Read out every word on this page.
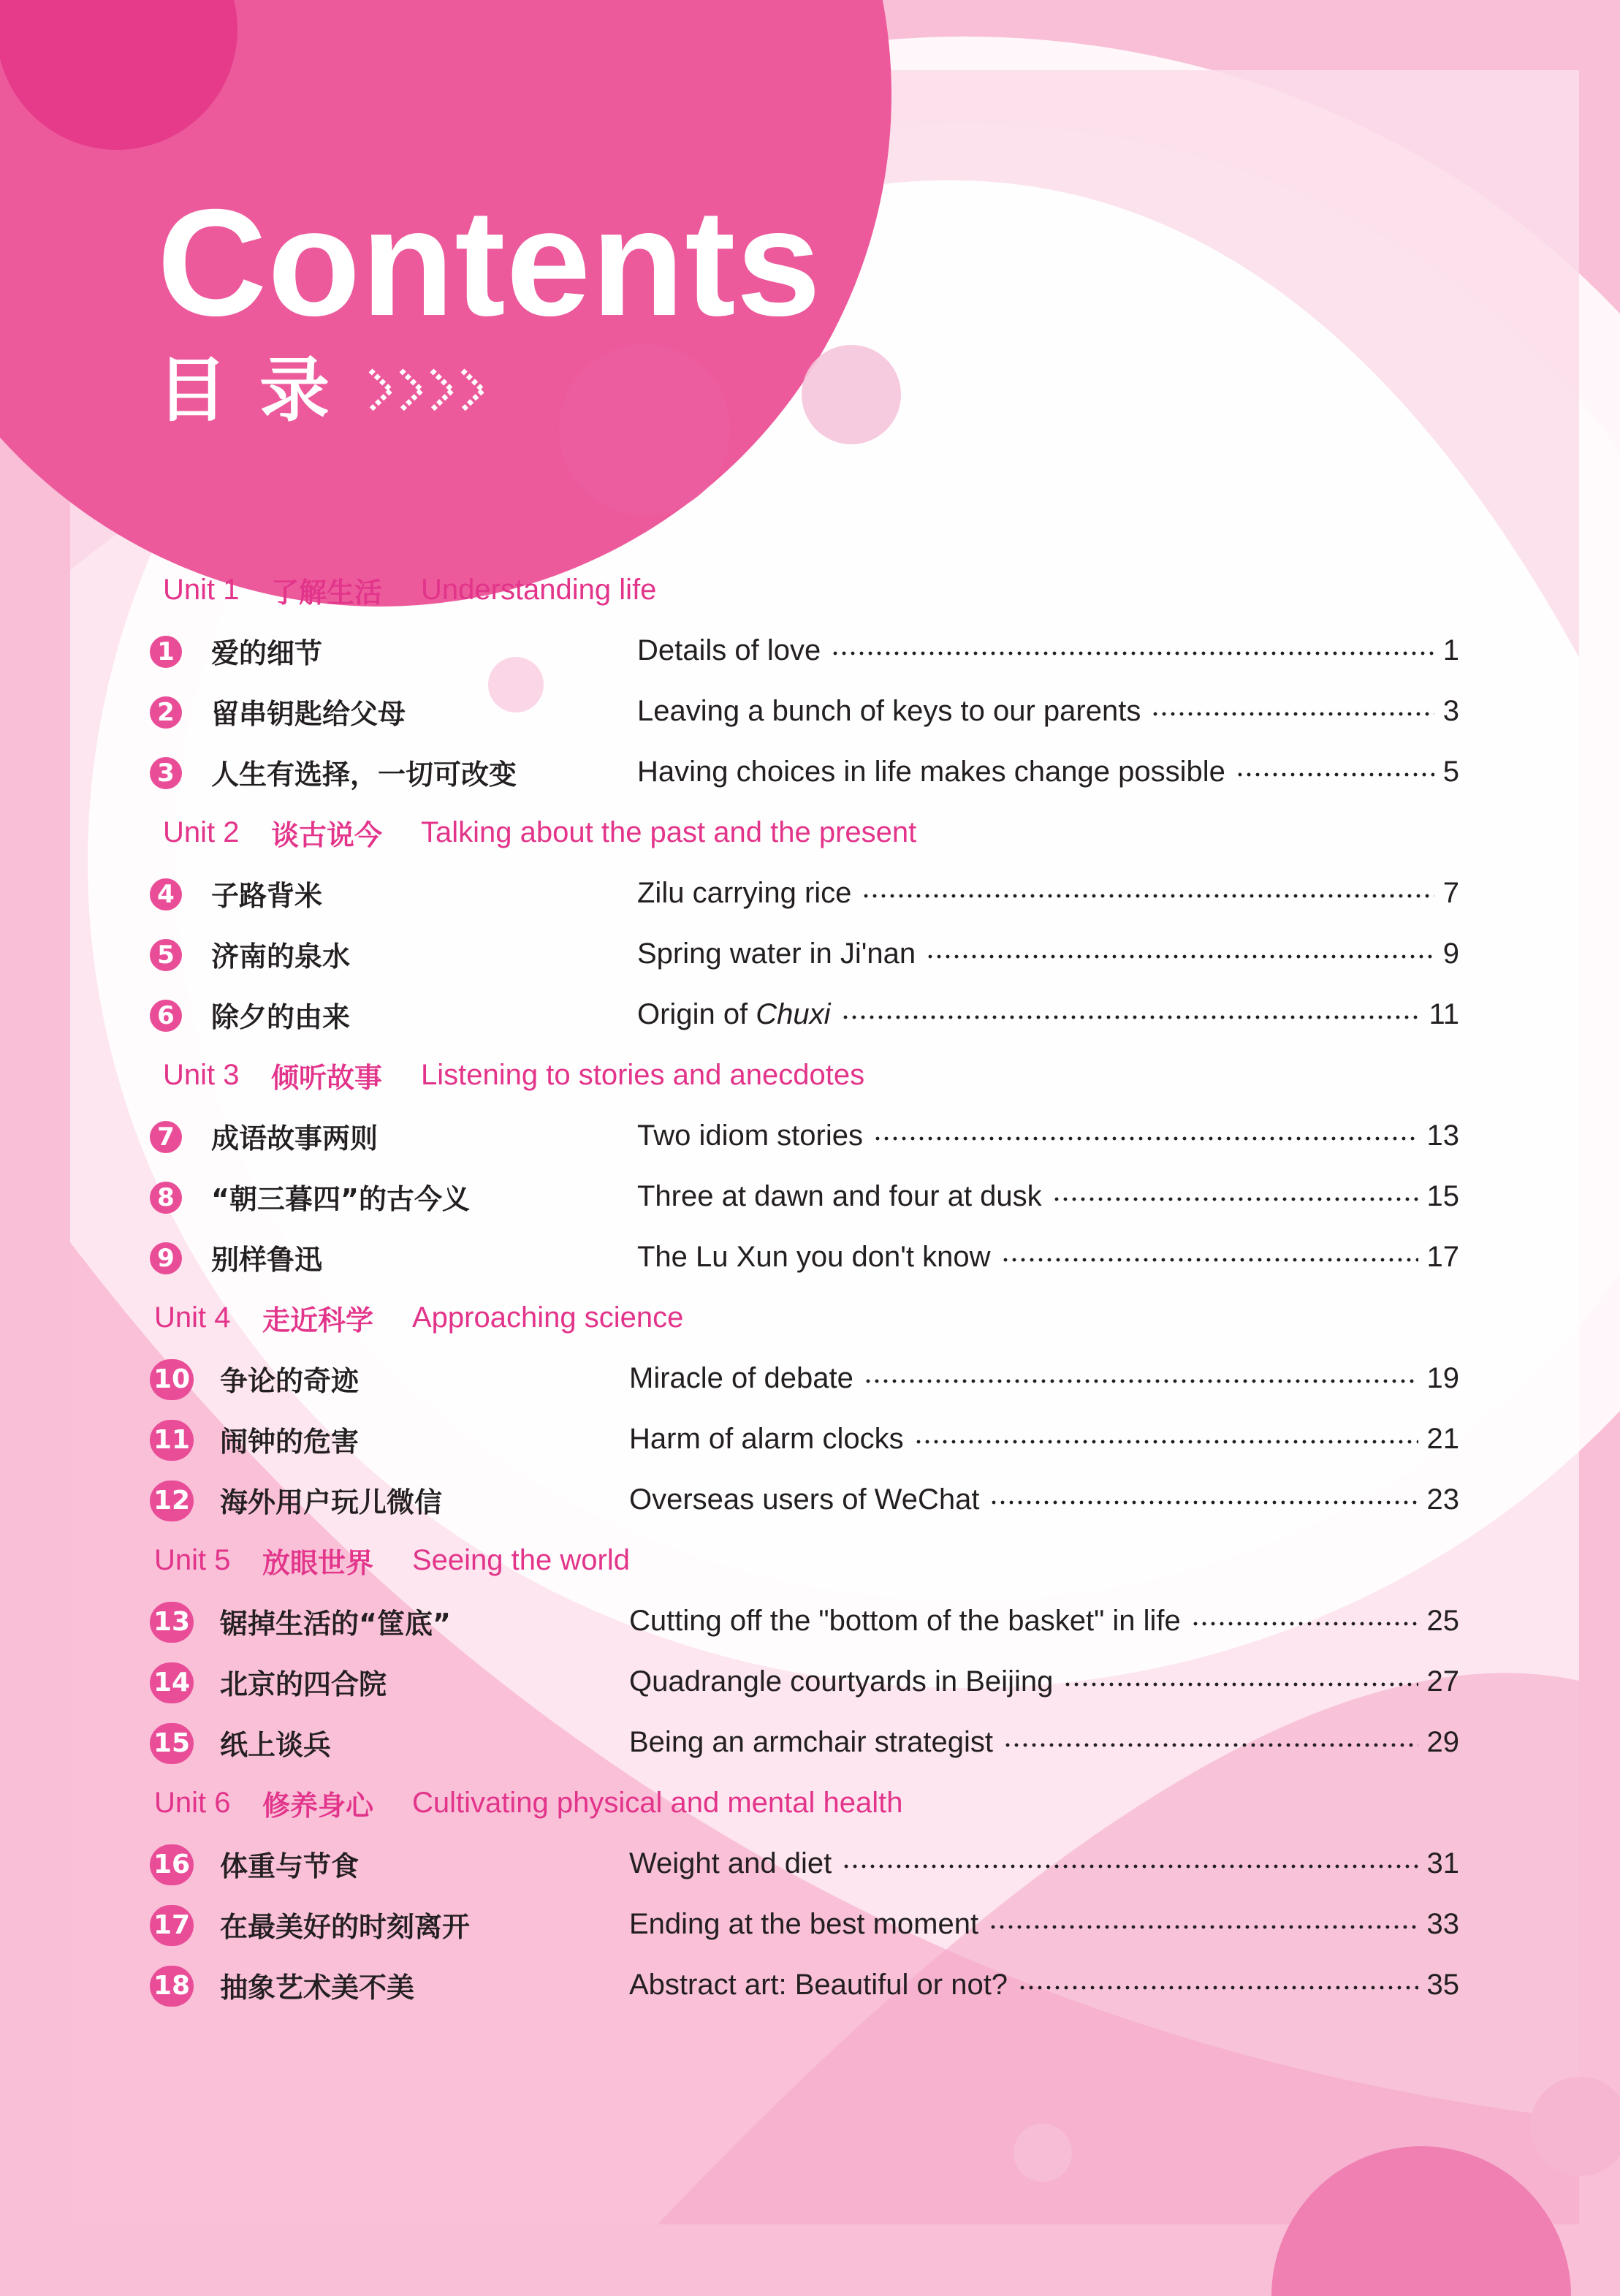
Contents
目录
Unit 1	了解生活	Understanding life
1 爱的细节	Details of love	1
2 留串钥匙给父母	Leaving a bunch of keys to our parents	3
3 人生有选择，一切可改变	Having choices in life makes change possible	5
Unit 2	谈古说今	Talking about the past and the present
4 子路背米	Zilu carrying rice	7
5 济南的泉水	Spring water in Ji'nan	9
6 除夕的由来	Origin of Chuxi	11
Unit 3	倾听故事	Listening to stories and anecdotes
7 成语故事两则	Two idiom stories	13
8 “朝三暮四”的古今义	Three at dawn and four at dusk	15
9 别样鲁迅	The Lu Xun you don't know	17
Unit 4	走近科学	Approaching science
10 争论的奇迹	Miracle of debate	19
11 闹钟的危害	Harm of alarm clocks	21
12 海外用户玩儿微信	Overseas users of WeChat	23
Unit 5	放眼世界	Seeing the world
13 锯掉生活的“筐底”	Cutting off the "bottom of the basket" in life	25
14 北京的四合院	Quadrangle courtyards in Beijing	27
15 纸上谈兵	Being an armchair strategist	29
Unit 6	修养身心	Cultivating physical and mental health
16 体重与节食	Weight and diet	31
17 在最美好的时刻离开	Ending at the best moment	33
18 抽象艺术美不美	Abstract art: Beautiful or not?	35
